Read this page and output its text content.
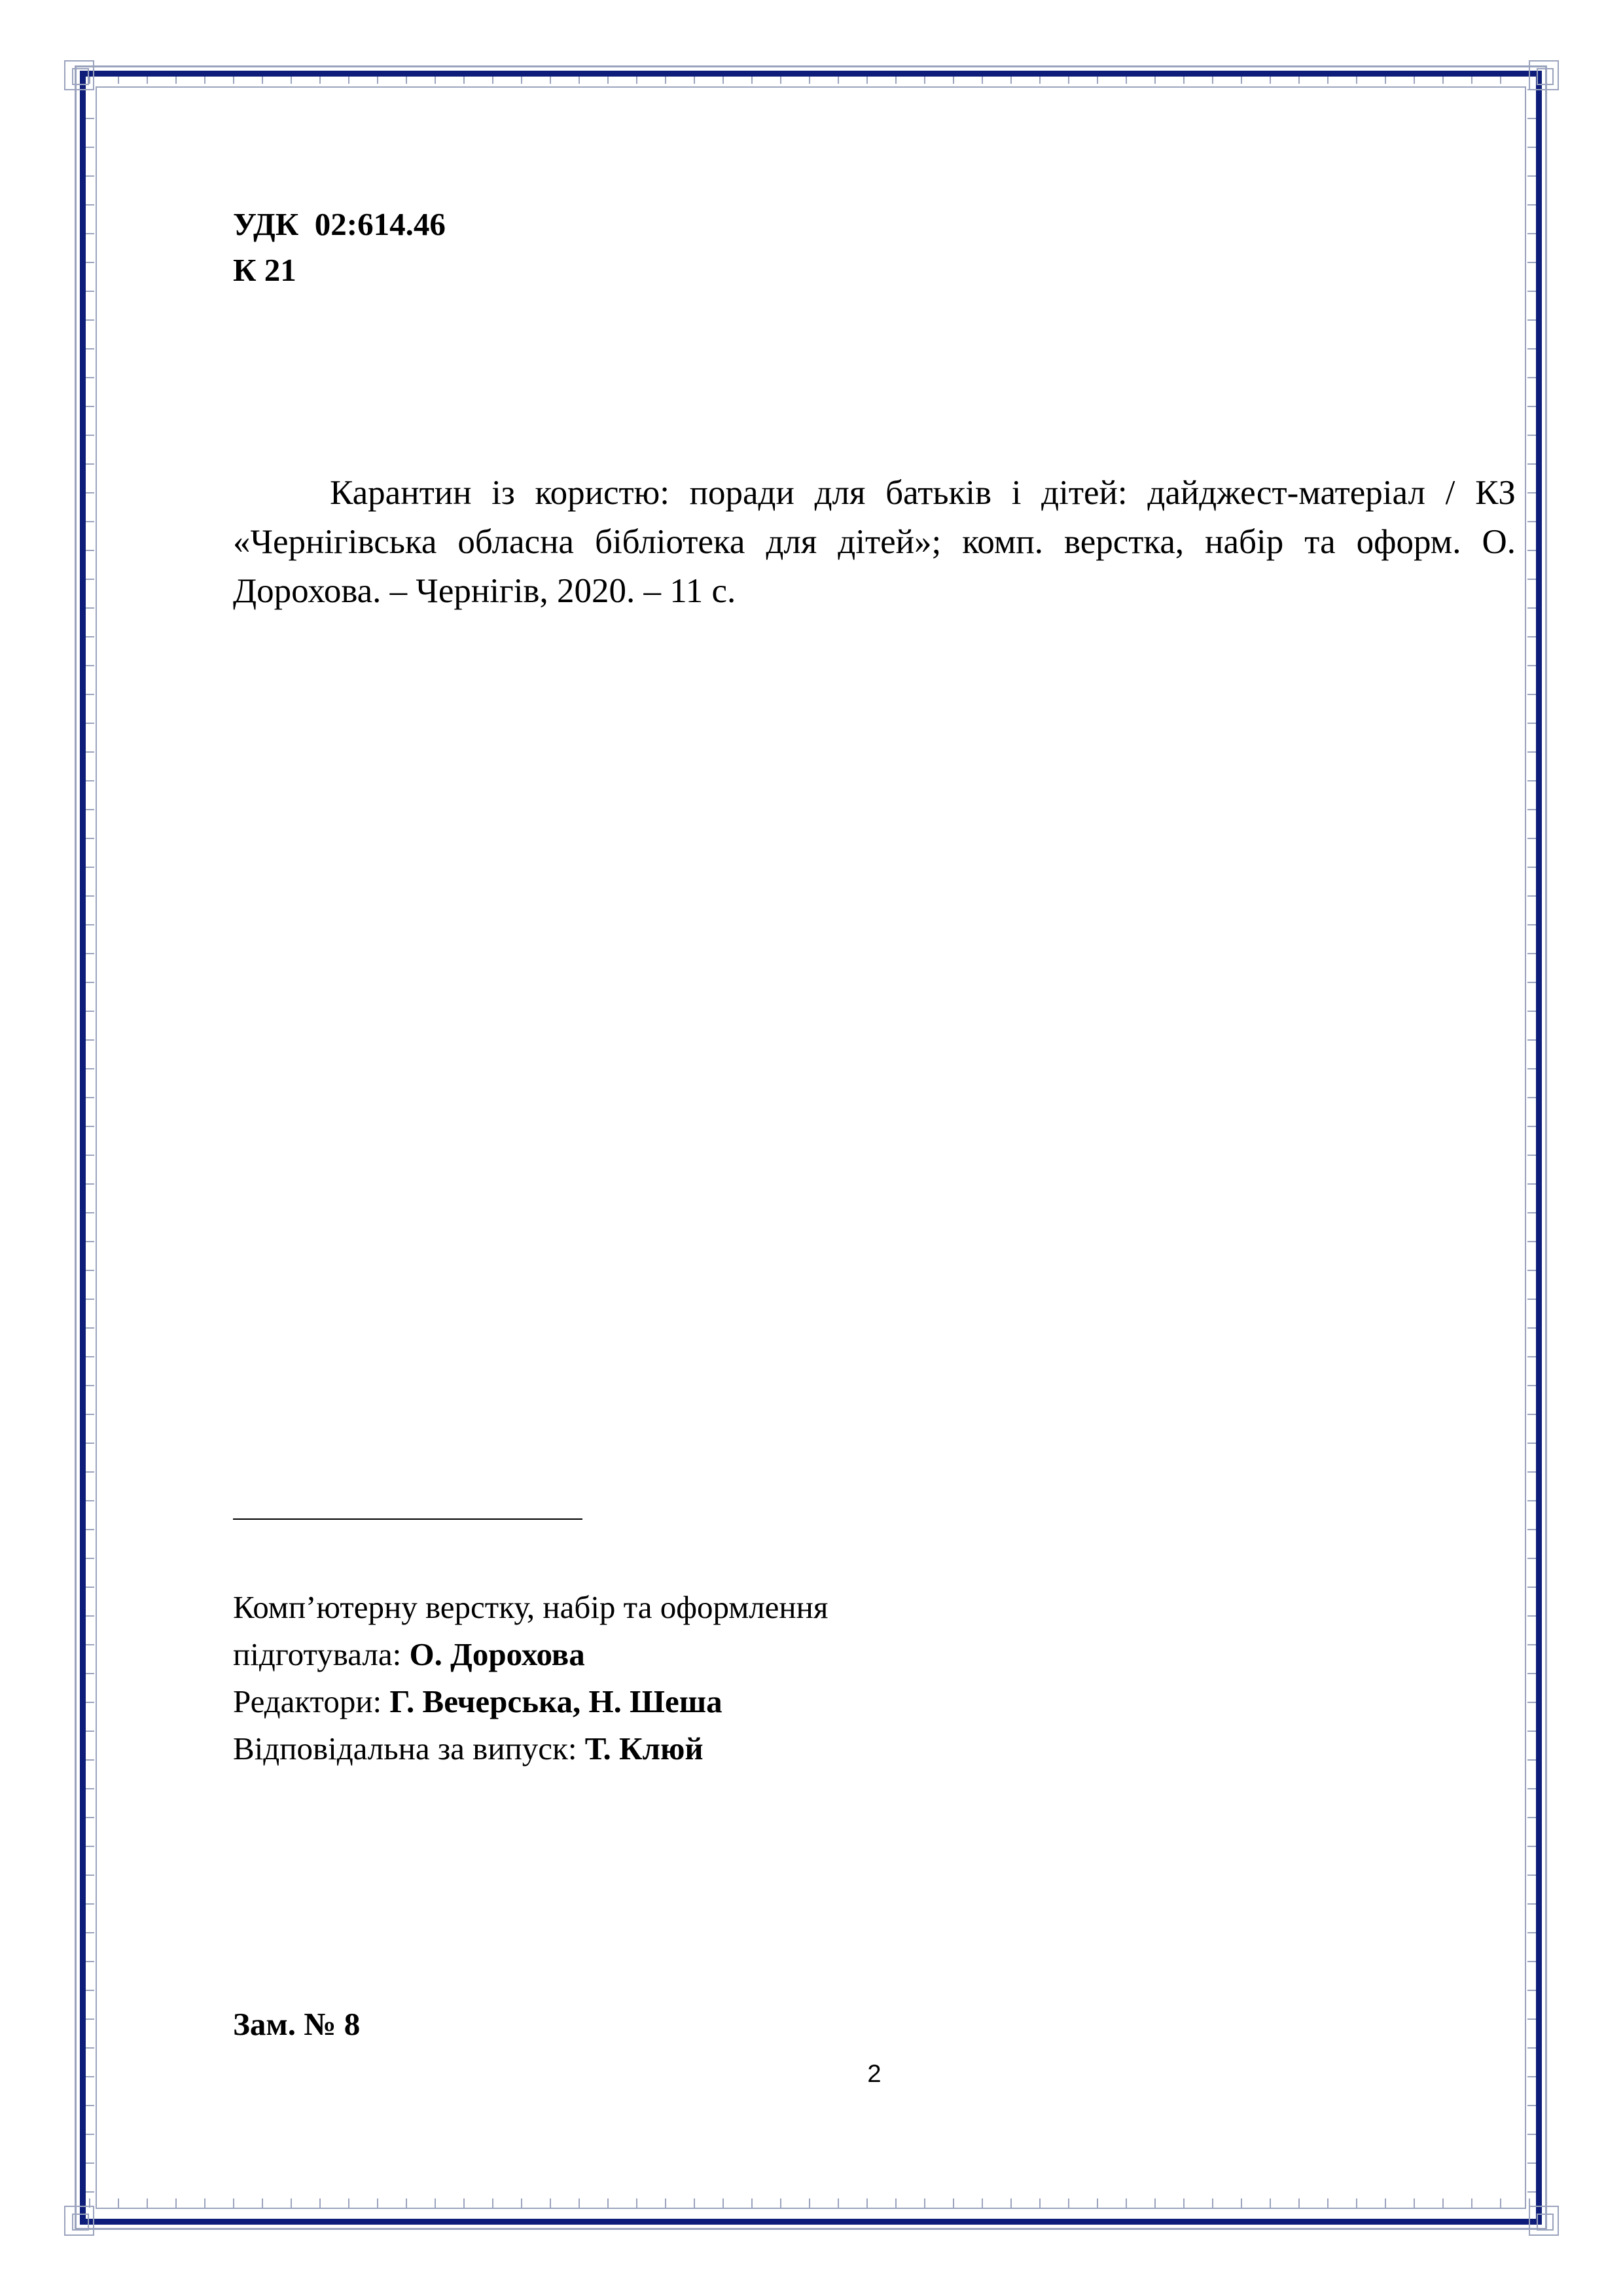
УДК  02:614.46
К 21
Карантин із користю: поради для батьків і дітей: дайджест-матеріал / КЗ «Чернігівська обласна бібліотека для дітей»; комп. верстка, набір та оформ. О. Дорохова. – Чернігів, 2020. – 11 с.
Комп’ютерну верстку, набір та оформлення
підготувала: О. Дорохова
Редактори: Г. Вечерська, Н. Шеша
Відповідальна за випуск: Т. Клюй
Зам. № 8
2
